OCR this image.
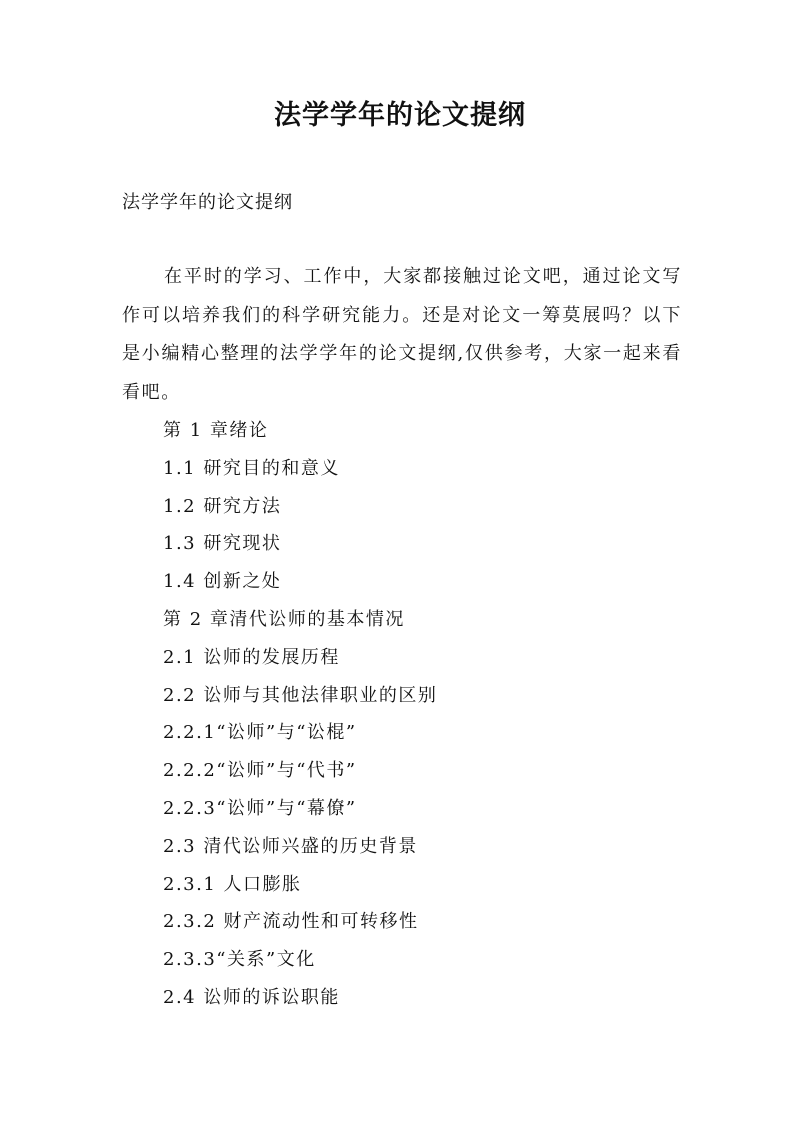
法学学年的论文提纲

法学学年的论文提纲

在平时的学习、工作中，大家都接触过论文吧，通过论文写作可以培养我们的科学研究能力。还是对论文一筹莫展吗？以下是小编精心整理的法学学年的论文提纲,仅供参考，大家一起来看看吧。

第 1 章绪论
1.1 研究目的和意义
1.2 研究方法
1.3 研究现状
1.4 创新之处
第 2 章清代讼师的基本情况
2.1 讼师的发展历程
2.2 讼师与其他法律职业的区别
2.2.1“讼师”与“讼棍”
2.2.2“讼师”与“代书”
2.2.3“讼师”与“幕僚”
2.3 清代讼师兴盛的历史背景
2.3.1 人口膨胀
2.3.2 财产流动性和可转移性
2.3.3“关系”文化
2.4 讼师的诉讼职能
